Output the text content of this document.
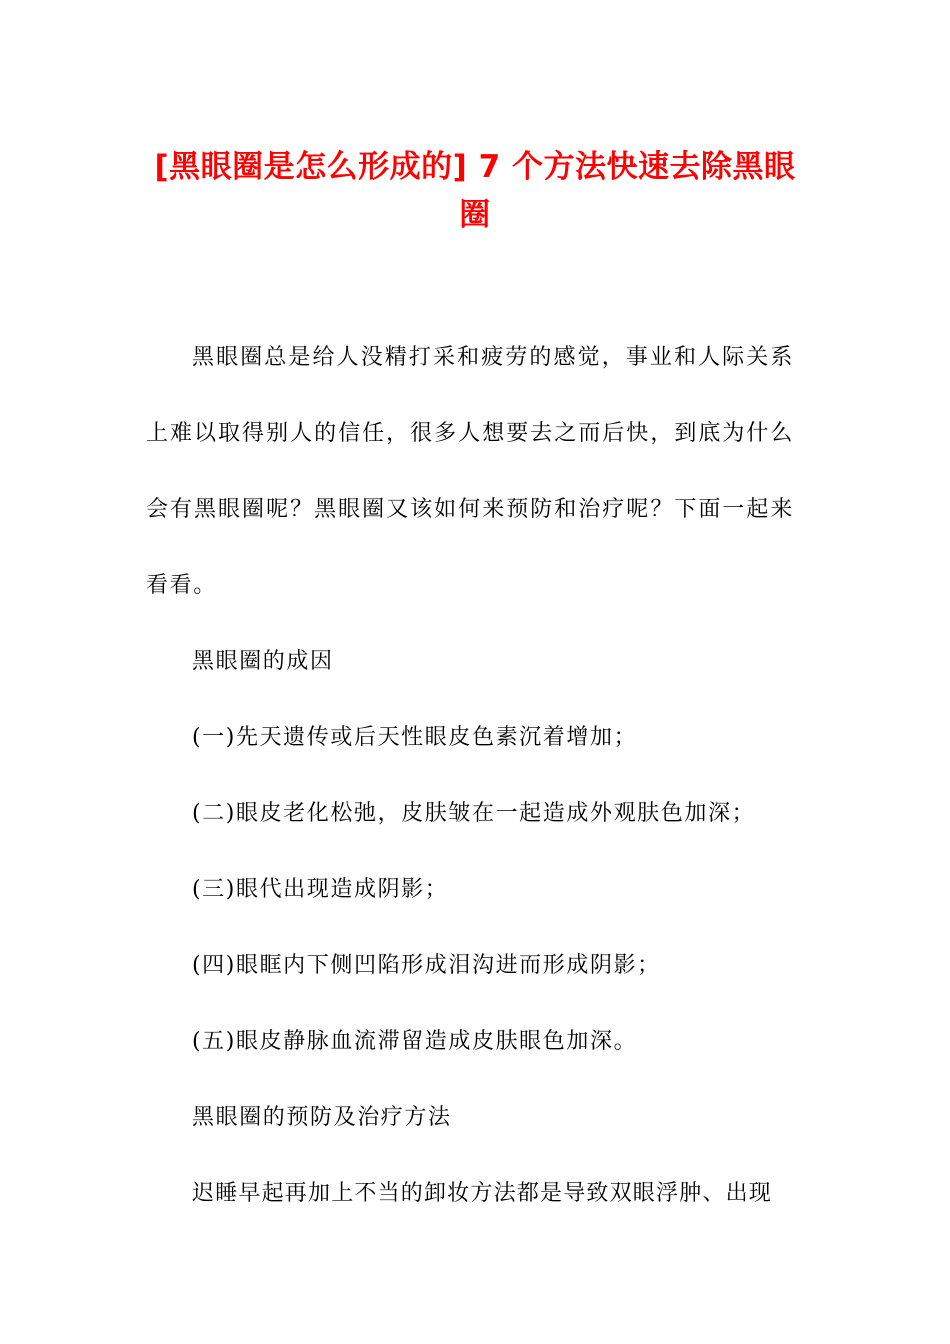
[黑眼圈是怎么形成的] 7 个方法快速去除黑眼圈

黑眼圈总是给人没精打采和疲劳的感觉，事业和人际关系上难以取得别人的信任，很多人想要去之而后快，到底为什么会有黑眼圈呢？黑眼圈又该如何来预防和治疗呢？下面一起来看看。

黑眼圈的成因

(一)先天遗传或后天性眼皮色素沉着增加；

(二)眼皮老化松弛，皮肤皱在一起造成外观肤色加深；

(三)眼代出现造成阴影；

(四)眼眶内下侧凹陷形成泪沟进而形成阴影；

(五)眼皮静脉血流滞留造成皮肤眼色加深。

黑眼圈的预防及治疗方法

迟睡早起再加上不当的卸妆方法都是导致双眼浮肿、出现
